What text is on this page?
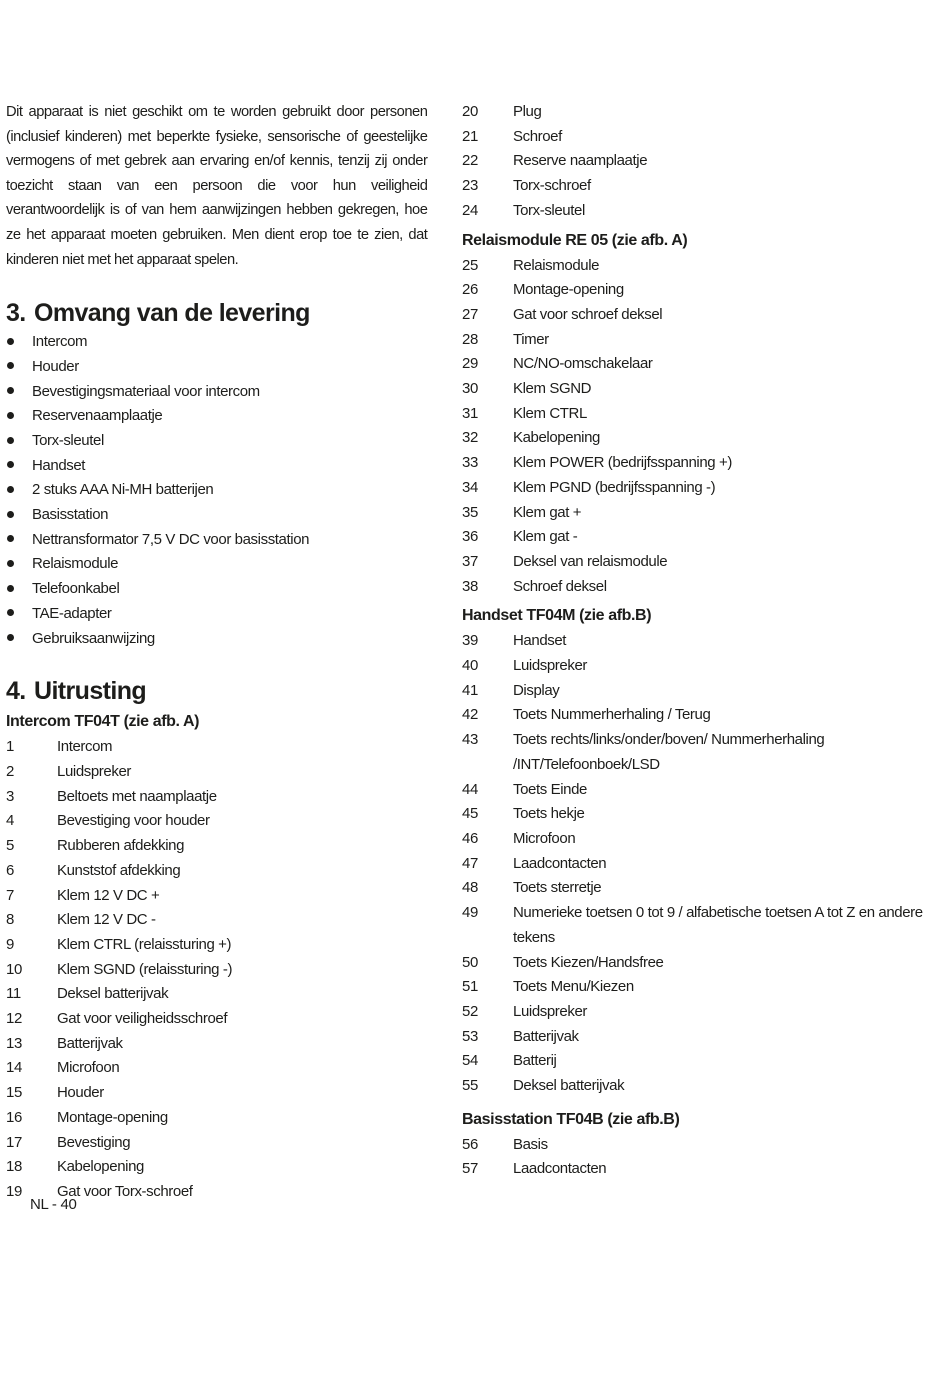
Dit apparaat is niet geschikt om te worden gebruikt door personen (inclusief kinderen) met beperkte fysieke, sensorische of geestelijke vermogens of met gebrek aan ervaring en/of kennis, tenzij zij onder toezicht staan van een persoon die voor hun veiligheid verantwoordelijk is of van hem aanwijzingen hebben gekregen, hoe ze het apparaat moeten gebruiken. Men dient erop toe te zien, dat kinderen niet met het apparaat spelen.

3. Omvang van de levering
Intercom
Houder
Bevestigingsmateriaal voor intercom
Reservenaamplaatje
Torx-sleutel
Handset
2 stuks AAA Ni-MH batterijen
Basisstation
Nettransformator 7,5 V DC voor basisstation
Relaismodule
Telefoonkabel
TAE-adapter
Gebruiksaanwijzing
4. Uitrusting
Intercom TF04T (zie afb. A)
1	Intercom
2	Luidspreker
3	Beltoets met naamplaatje
4	Bevestiging voor houder
5	Rubberen afdekking
6	Kunststof afdekking
7	Klem 12 V DC +
8	Klem 12 V DC -
9	Klem CTRL (relaissturing +)
10	Klem SGND (relaissturing -)
11	Deksel batterijvak
12	Gat voor veiligheidsschroef
13	Batterijvak
14	Microfoon
15	Houder
16	Montage-opening
17	Bevestiging
18	Kabelopening
19	Gat voor Torx-schroef
20	Plug
21	Schroef
22	Reserve naamplaatje
23	Torx-schroef
24	Torx-sleutel
Relaismodule RE 05 (zie afb. A)
25	Relaismodule
26	Montage-opening
27	Gat voor schroef deksel
28	Timer
29	NC/NO-omschakelaar
30	Klem SGND
31	Klem CTRL
32	Kabelopening
33	Klem POWER (bedrijfsspanning +)
34	Klem PGND (bedrijfsspanning -)
35	Klem gat +
36	Klem gat -
37	Deksel van relaismodule
38	Schroef deksel
Handset TF04M (zie afb.B)
39	Handset
40	Luidspreker
41	Display
42	Toets Nummerherhaling / Terug
43	Toets rechts/links/onder/boven/ Nummerherhaling /INT/Telefoonboek/LSD
44	Toets Einde
45	Toets hekje
46	Microfoon
47	Laadcontacten
48	Toets sterretje
49	Numerieke toetsen 0 tot 9 / alfabetische toetsen A tot Z en andere tekens
50	Toets Kiezen/Handsfree
51	Toets Menu/Kiezen
52	Luidspreker
53	Batterijvak
54	Batterij
55	Deksel batterijvak
Basisstation TF04B (zie afb.B)
56	Basis
57	Laadcontacten
NL - 40
